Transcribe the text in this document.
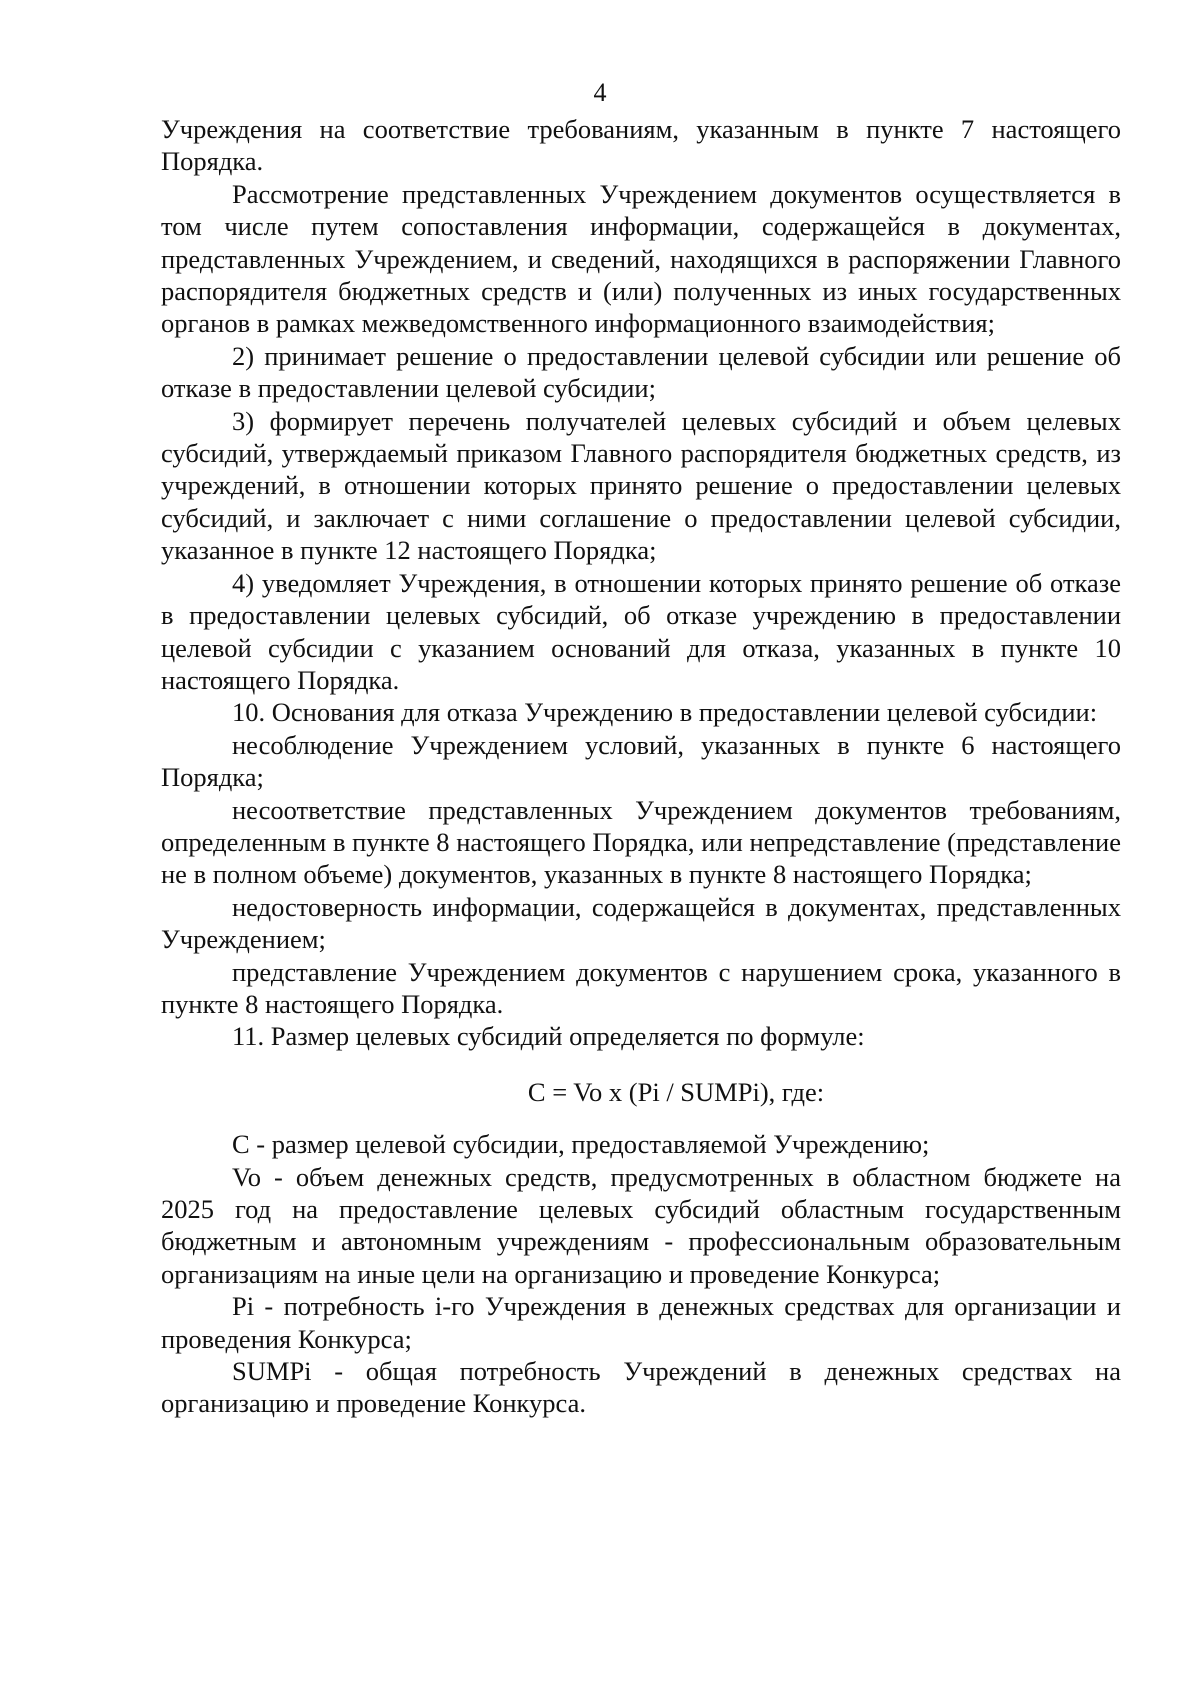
4

Учреждения на соответствие требованиям, указанным в пункте 7 настоящего Порядка.

Рассмотрение представленных Учреждением документов осуществляется в том числе путем сопоставления информации, содержащейся в документах, представленных Учреждением, и сведений, находящихся в распоряжении Главного распорядителя бюджетных средств и (или) полученных из иных государственных органов в рамках межведомственного информационного взаимодействия;

2) принимает решение о предоставлении целевой субсидии или решение об отказе в предоставлении целевой субсидии;

3) формирует перечень получателей целевых субсидий и объем целевых субсидий, утверждаемый приказом Главного распорядителя бюджетных средств, из учреждений, в отношении которых принято решение о предоставлении целевых субсидий, и заключает с ними соглашение о предоставлении целевой субсидии, указанное в пункте 12 настоящего Порядка;

4) уведомляет Учреждения, в отношении которых принято решение об отказе в предоставлении целевых субсидий, об отказе учреждению в предоставлении целевой субсидии с указанием оснований для отказа, указанных в пункте 10 настоящего Порядка.

10. Основания для отказа Учреждению в предоставлении целевой субсидии:

несоблюдение Учреждением условий, указанных в пункте 6 настоящего Порядка;

несоответствие представленных Учреждением документов требованиям, определенным в пункте 8 настоящего Порядка, или непредставление (представление не в полном объеме) документов, указанных в пункте 8 настоящего Порядка;

недостоверность информации, содержащейся в документах, представленных Учреждением;

представление Учреждением документов с нарушением срока, указанного в пункте 8 настоящего Порядка.

11. Размер целевых субсидий определяется по формуле:

C = Vo x (Pi / SUMPi), где:

C - размер целевой субсидии, предоставляемой Учреждению;

Vo - объем денежных средств, предусмотренных в областном бюджете на 2025 год на предоставление целевых субсидий областным государственным бюджетным и автономным учреждениям - профессиональным образовательным организациям на иные цели на организацию и проведение Конкурса;

Pi - потребность i-го Учреждения в денежных средствах для организации и проведения Конкурса;

SUMPi - общая потребность Учреждений в денежных средствах на организацию и проведение Конкурса.
